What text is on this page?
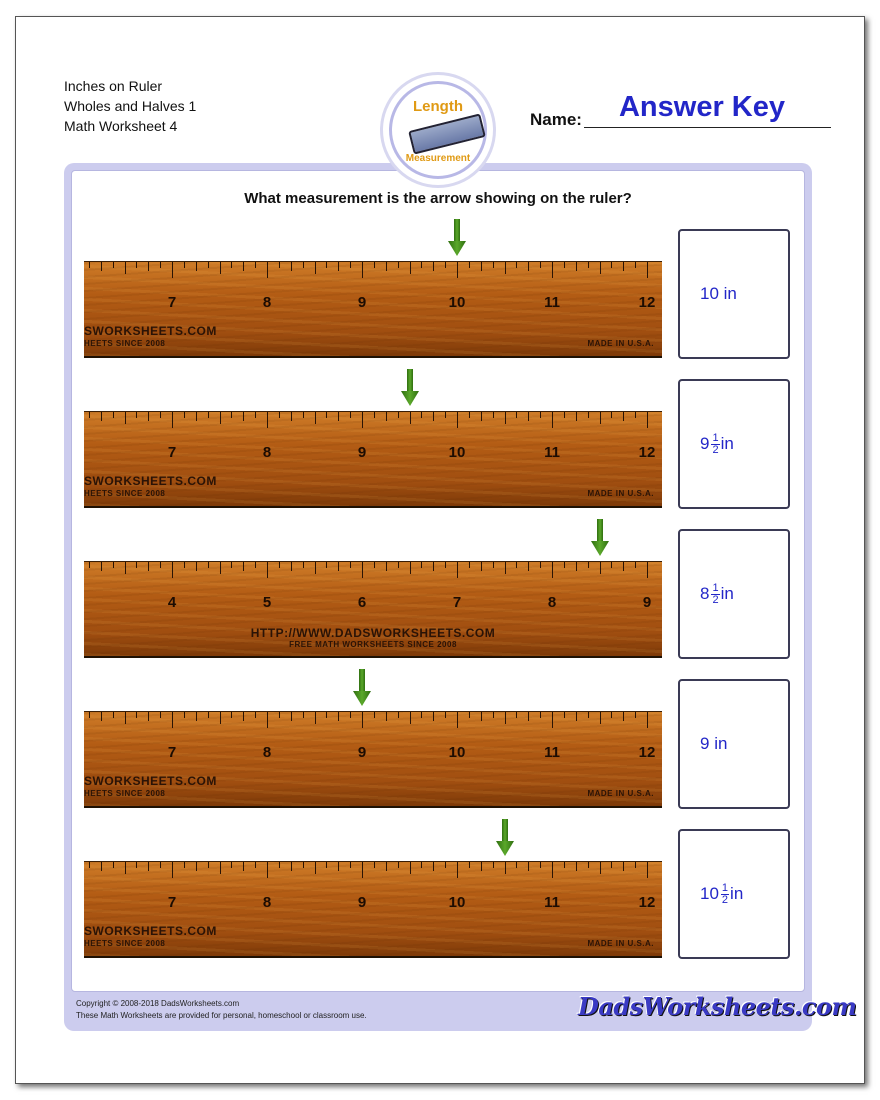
Inches on Ruler
Wholes and Halves 1
Math Worksheet 4
Length
Measurement
Answer Key
Name:
What measurement is the arrow showing on the ruler?
7	8	9	10	11	12
SWORKSHEETS.COM
HEETS SINCE 2008	MADE IN U.S.A.
10
in
7	8	9	10	11	12
SWORKSHEETS.COM
HEETS SINCE 2008	MADE IN U.S.A.
$9 \frac{1}{2}$ in
4	5	6	7	8	9
HTTP://WWW.DADSWORKSHEETS.COM
FREE MATH WORKSHEETS SINCE 2008
$8 \frac{1}{2}$ in
7	8	9	10	11	12
SWORKSHEETS.COM
HEETS SINCE 2008	MADE IN U.S.A.
9
in
7	8	9	10	11	12
SWORKSHEETS.COM
HEETS SINCE 2008	MADE IN U.S.A.
$10 \frac{1}{2}$ in
Copyright © 2008-2018 DadsWorksheets.com
These Math Worksheets are provided for personal, homeschool or classroom use.	DadsWorksheets.com
